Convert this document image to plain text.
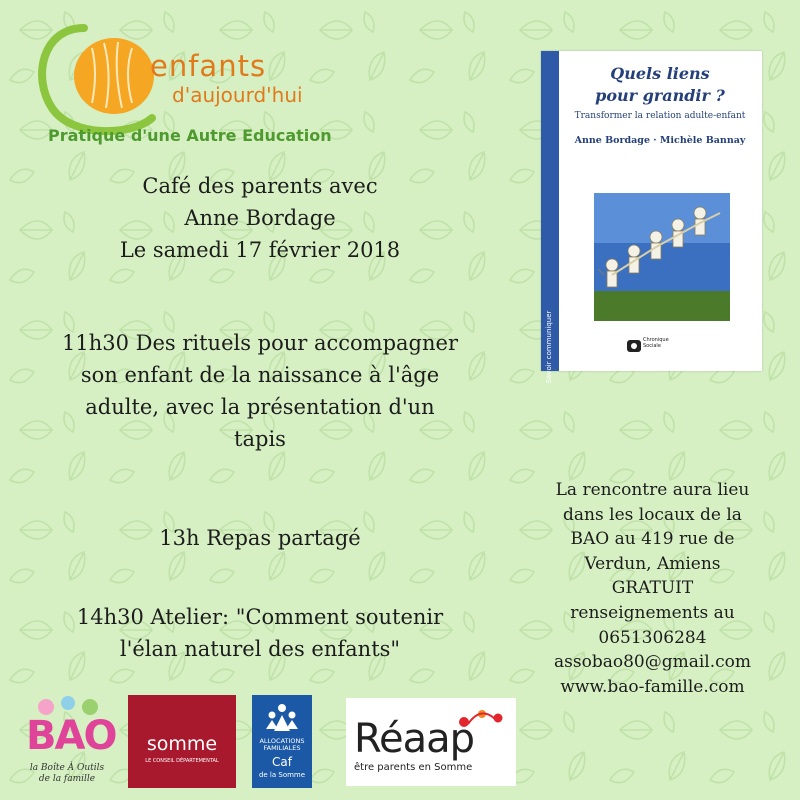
enfants
d'aujourd'hui
Pratique d'une Autre Education
Café des parents avec
Anne Bordage
Le samedi 17 février 2018
11h30 Des rituels pour accompagner
son enfant de la naissance à l'âge
adulte, avec la présentation d'un
tapis
13h Repas partagé
14h30 Atelier: "Comment soutenir
l'élan naturel des enfants"
Savoir communiquer
Quels liens
pour grandir ?
Transformer la relation adulte-enfant
Anne Bordage · Michèle Bannay
Chronique
Sociale
La rencontre aura lieu
dans les locaux de la
BAO au 419 rue de
Verdun, Amiens
GRATUIT
renseignements au
0651306284
assobao80@gmail.com
www.bao-famille.com
BAO
la Boîte À Outils
de la famille
somme
LE CONSEIL DÉPARTEMENTAL
ALLOCATIONS
FAMILIALES
Caf
de la Somme
Réaap
être parents en Somme
